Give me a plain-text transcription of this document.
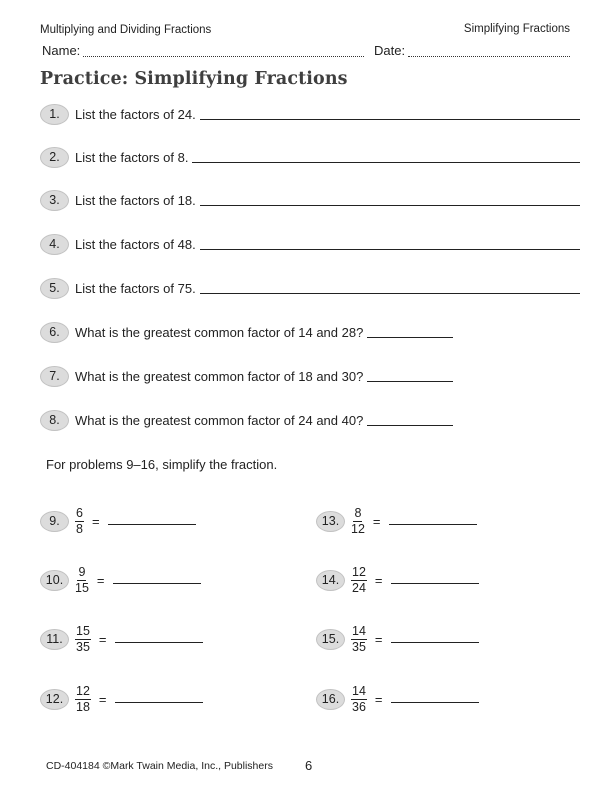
Multiplying and Dividing Fractions	Simplifying Fractions
Name:	Date:
Practice: Simplifying Fractions
1.	List the factors of 24.
2.	List the factors of 8.
3.	List the factors of 18.
4.	List the factors of 48.
5.	List the factors of 75.
6.	What is the greatest common factor of 14 and 28?
7.	What is the greatest common factor of 18 and 30?
8.	What is the greatest common factor of 24 and 40?
For problems 9–16, simplify the fraction.
9.	$\frac{6}{8}$ =
10. $\frac{9}{15}$ =
11. $\frac{15}{35}$ =
12. $\frac{12}{18}$ =
13. $\frac{8}{12}$ =
14. $\frac{12}{24}$ =
15. $\frac{14}{35}$ =
16. $\frac{14}{36}$ =
CD-404184 ©Mark Twain Media, Inc., Publishers 6
